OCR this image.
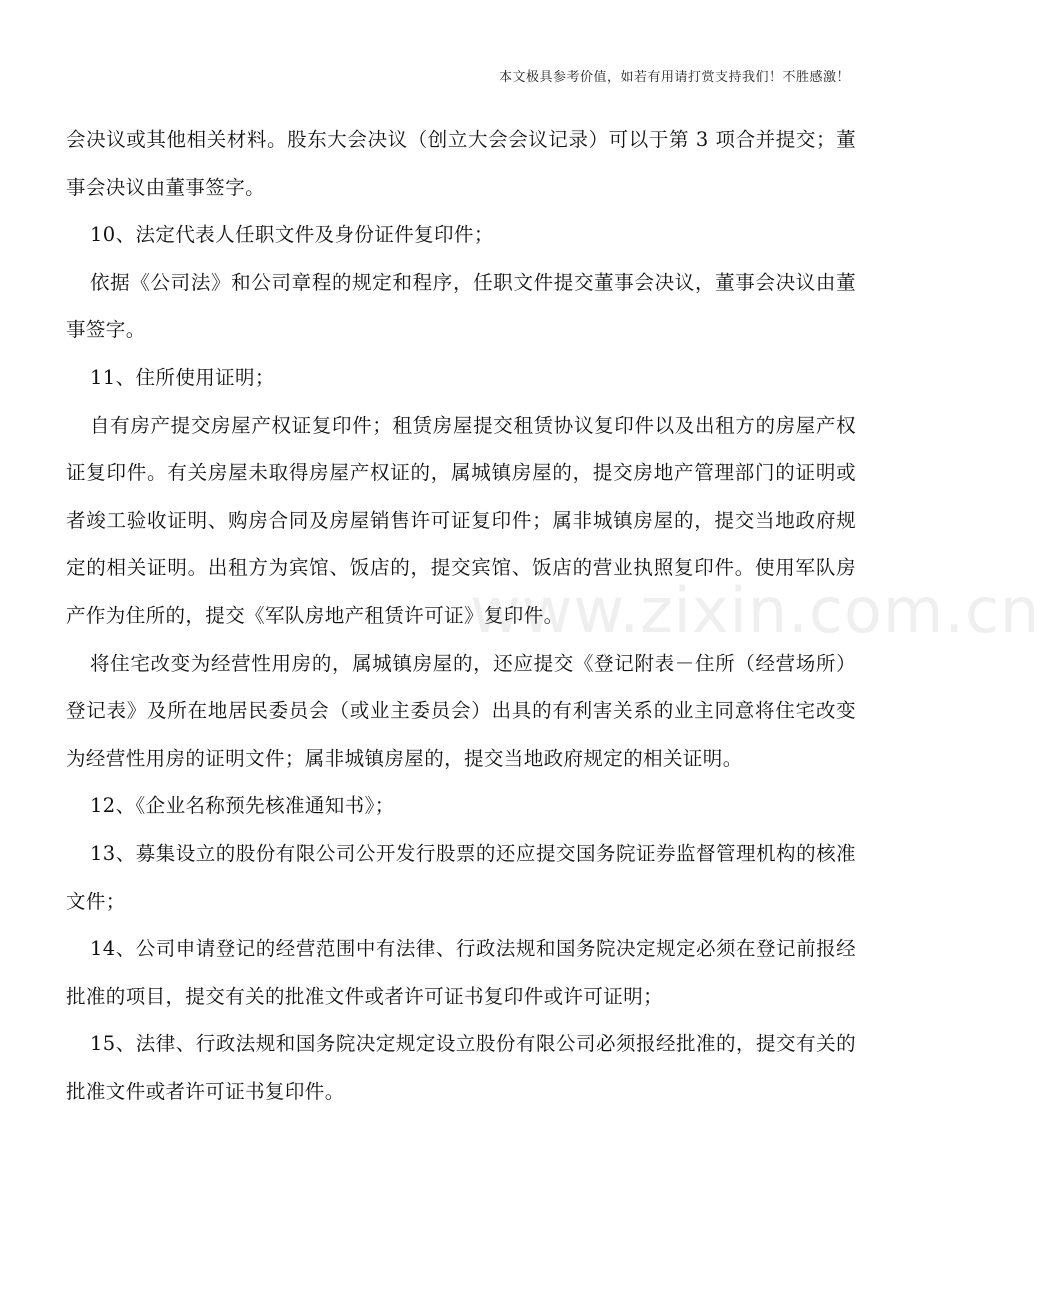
本文极具参考价值，如若有用请打赏支持我们！不胜感激！
www.zixin.com.cn

会决议或其他相关材料。股东大会决议（创立大会会议记录）可以于第 3 项合并提交；董事会决议由董事签字。

10、法定代表人任职文件及身份证件复印件；

依据《公司法》和公司章程的规定和程序，任职文件提交董事会决议，董事会决议由董事签字。

11、住所使用证明；

自有房产提交房屋产权证复印件；租赁房屋提交租赁协议复印件以及出租方的房屋产权证复印件。有关房屋未取得房屋产权证的，属城镇房屋的，提交房地产管理部门的证明或者竣工验收证明、购房合同及房屋销售许可证复印件；属非城镇房屋的，提交当地政府规定的相关证明。出租方为宾馆、饭店的，提交宾馆、饭店的营业执照复印件。使用军队房产作为住所的，提交《军队房地产租赁许可证》复印件。

将住宅改变为经营性用房的，属城镇房屋的，还应提交《登记附表－住所（经营场所）登记表》及所在地居民委员会（或业主委员会）出具的有利害关系的业主同意将住宅改变为经营性用房的证明文件；属非城镇房屋的，提交当地政府规定的相关证明。

12、《企业名称预先核准通知书》；

13、募集设立的股份有限公司公开发行股票的还应提交国务院证券监督管理机构的核准文件；

14、公司申请登记的经营范围中有法律、行政法规和国务院决定规定必须在登记前报经批准的项目，提交有关的批准文件或者许可证书复印件或许可证明；

15、法律、行政法规和国务院决定规定设立股份有限公司必须报经批准的，提交有关的批准文件或者许可证书复印件。
